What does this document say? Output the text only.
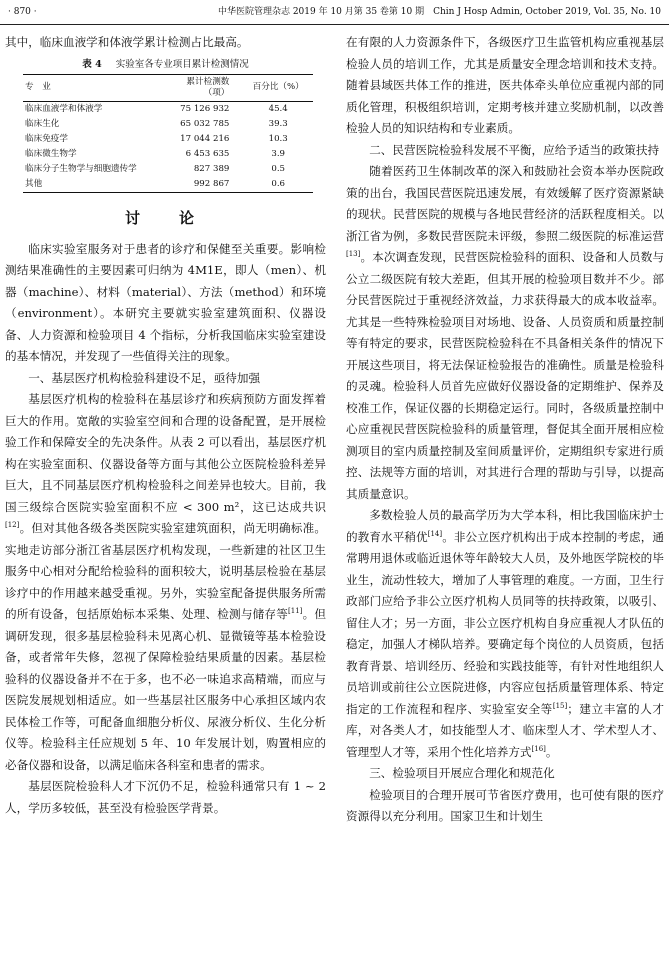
· 870 ·	中华医院管理杂志 2019 年 10 月第 35 卷第 10 期　Chin J Hosp Admin, October 2019, Vol. 35, No. 10

其中，临床血液学和体液学累计检测占比最高。

表 4 实验室各专业项目累计检测情况
专　业	累计检测数（项）	百分比（%）
临床血液学和体液学	75 126 932	45.4
临床生化	65 032 785	39.3
临床免疫学	17 044 216	10.3
临床微生物学	6 453 635	3.9
临床分子生物学与细胞遗传学	827 389	0.5
其他	992 867	0.6
讨　论

临床实验室服务对于患者的诊疗和保健至关重要。影响检测结果准确性的主要因素可归纳为 4M1E，即人（men）、机器（machine）、材料（material）、方法（method）和环境（environment）。本研究主要就实验室建筑面积、仪器设备、人力资源和检验项目 4 个指标，分析我国临床实验室建设的基本情况，并发现了一些值得关注的现象。

一、基层医疗机构检验科建设不足，亟待加强

基层医疗机构的检验科在基层诊疗和疾病预防方面发挥着巨大的作用。宽敞的实验室空间和合理的设备配置，是开展检验工作和保障安全的先决条件。从表 2 可以看出，基层医疗机构在实验室面积、仪器设备等方面与其他公立医院检验科差异巨大，且不同基层医疗机构检验科之间差异也较大。目前，我国三级综合医院实验室面积不应 < 300 m²，这已达成共识[12]。但对其他各级各类医院实验室建筑面积，尚无明确标准。实地走访部分浙江省基层医疗机构发现，一些新建的社区卫生服务中心相对分配给检验科的面积较大，说明基层检验在基层诊疗中的作用越来越受重视。另外，实验室配备提供服务所需的所有设备，包括原始标本采集、处理、检测与储存等[11]。但调研发现，很多基层检验科未见离心机、显微镜等基本检验设备，或者常年失修，忽视了保障检验结果质量的因素。基层检验科的仪器设备并不在于多，也不必一味追求高精端，而应与医院发展规划相适应。如一些基层社区服务中心承担区域内农民体检工作等，可配备血细胞分析仪、尿液分析仪、生化分析仪等。检验科主任应规划 5 年、10 年发展计划，购置相应的必备仪器和设备，以满足临床各科室和患者的需求。

基层医院检验科人才下沉仍不足，检验科通常只有 1 ~ 2 人，学历多较低，甚至没有检验医学背景。

在有限的人力资源条件下，各级医疗卫生监管机构应重视基层检验人员的培训工作，尤其是质量安全理念培训和技术支持。随着县域医共体工作的推进，医共体牵头单位应重视内部的同质化管理，积极组织培训，定期考核并建立奖励机制，以改善检验人员的知识结构和专业素质。

二、民营医院检验科发展不平衡，应给予适当的政策扶持

随着医药卫生体制改革的深入和鼓励社会资本举办医院政策的出台，我国民营医院迅速发展，有效缓解了医疗资源紧缺的现状。民营医院的规模与各地民营经济的活跃程度相关。以浙江省为例，多数民营医院未评级，参照二级医院的标准运营[13]。本次调查发现，民营医院检验科的面积、设备和人员数与公立二级医院有较大差距，但其开展的检验项目数并不少。部分民营医院过于重视经济效益，力求获得最大的成本收益率。尤其是一些特殊检验项目对场地、设备、人员资质和质量控制等有特定的要求，民营医院检验科在不具备相关条件的情况下开展这些项目，将无法保证检验报告的准确性。质量是检验科的灵魂。检验科人员首先应做好仪器设备的定期维护、保养及校准工作，保证仪器的长期稳定运行。同时，各级质量控制中心应重视民营医院检验科的质量管理，督促其全面开展相应检测项目的室内质量控制及室间质量评价，定期组织专家进行质控、法规等方面的培训，对其进行合理的帮助与引导，以提高其质量意识。

多数检验人员的最高学历为大学本科，相比我国临床护士的教育水平稍优[14]。非公立医疗机构出于成本控制的考虑，通常聘用退休或临近退休等年龄较大人员，及外地医学院校的毕业生，流动性较大，增加了人事管理的难度。一方面，卫生行政部门应给予非公立医疗机构人员同等的扶持政策，以吸引、留住人才；另一方面，非公立医疗机构自身应重视人才队伍的稳定，加强人才梯队培养。要确定每个岗位的人员资质，包括教育背景、培训经历、经验和实践技能等，有针对性地组织人员培训或前往公立医院进修，内容应包括质量管理体系、特定指定的工作流程和程序、实验室安全等[15]；建立丰富的人才库，对各类人才，如技能型人才、临床型人才、学术型人才、管理型人才等，采用个性化培养方式[16]。

三、检验项目开展应合理化和规范化

检验项目的合理开展可节省医疗费用，也可使有限的医疗资源得以充分利用。国家卫生和计划生
